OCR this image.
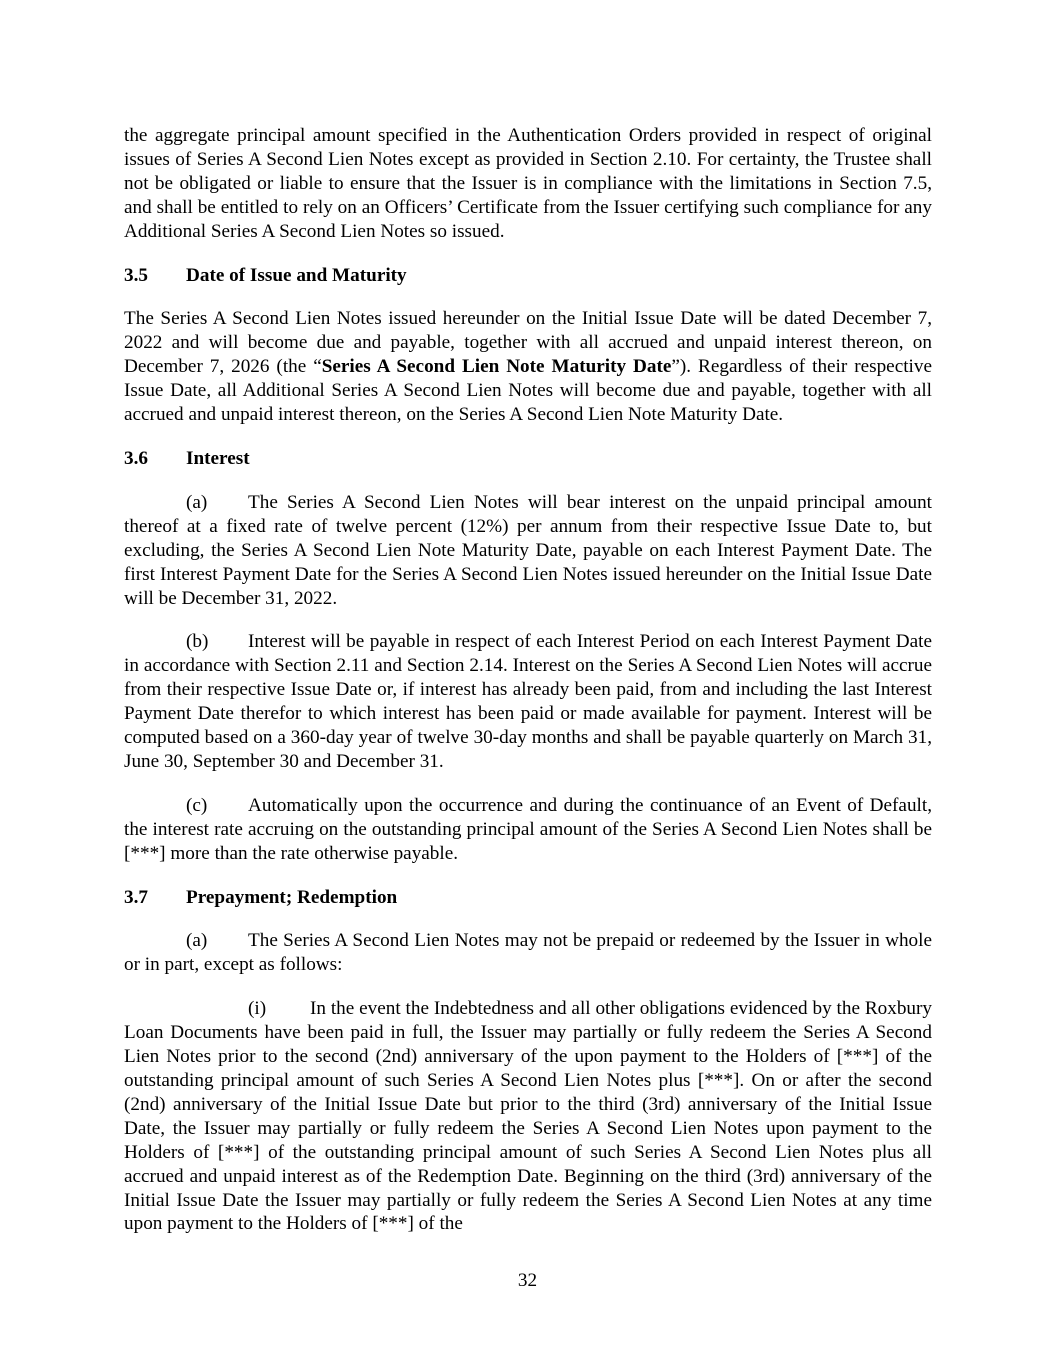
the aggregate principal amount specified in the Authentication Orders provided in respect of original issues of Series A Second Lien Notes except as provided in Section 2.10. For certainty, the Trustee shall not be obligated or liable to ensure that the Issuer is in compliance with the limitations in Section 7.5, and shall be entitled to rely on an Officers’ Certificate from the Issuer certifying such compliance for any Additional Series A Second Lien Notes so issued.

3.5	Date of Issue and Maturity

The Series A Second Lien Notes issued hereunder on the Initial Issue Date will be dated December 7, 2022 and will become due and payable, together with all accrued and unpaid interest thereon, on December 7, 2026 (the “Series A Second Lien Note Maturity Date”). Regardless of their respective Issue Date, all Additional Series A Second Lien Notes will become due and payable, together with all accrued and unpaid interest thereon, on the Series A Second Lien Note Maturity Date.

3.6	Interest

(a) The Series A Second Lien Notes will bear interest on the unpaid principal amount thereof at a fixed rate of twelve percent (12%) per annum from their respective Issue Date to, but excluding, the Series A Second Lien Note Maturity Date, payable on each Interest Payment Date. The first Interest Payment Date for the Series A Second Lien Notes issued hereunder on the Initial Issue Date will be December 31, 2022.

(b) Interest will be payable in respect of each Interest Period on each Interest Payment Date in accordance with Section 2.11 and Section 2.14. Interest on the Series A Second Lien Notes will accrue from their respective Issue Date or, if interest has already been paid, from and including the last Interest Payment Date therefor to which interest has been paid or made available for payment. Interest will be computed based on a 360-day year of twelve 30-day months and shall be payable quarterly on March 31, June 30, September 30 and December 31.

(c) Automatically upon the occurrence and during the continuance of an Event of Default, the interest rate accruing on the outstanding principal amount of the Series A Second Lien Notes shall be [***] more than the rate otherwise payable.

3.7	Prepayment; Redemption

(a) The Series A Second Lien Notes may not be prepaid or redeemed by the Issuer in whole or in part, except as follows:

(i) In the event the Indebtedness and all other obligations evidenced by the Roxbury Loan Documents have been paid in full, the Issuer may partially or fully redeem the Series A Second Lien Notes prior to the second (2nd) anniversary of the upon payment to the Holders of [***] of the outstanding principal amount of such Series A Second Lien Notes plus [***]. On or after the second (2nd) anniversary of the Initial Issue Date but prior to the third (3rd) anniversary of the Initial Issue Date, the Issuer may partially or fully redeem the Series A Second Lien Notes upon payment to the Holders of [***] of the outstanding principal amount of such Series A Second Lien Notes plus all accrued and unpaid interest as of the Redemption Date. Beginning on the third (3rd) anniversary of the Initial Issue Date the Issuer may partially or fully redeem the Series A Second Lien Notes at any time upon payment to the Holders of [***] of the

32
